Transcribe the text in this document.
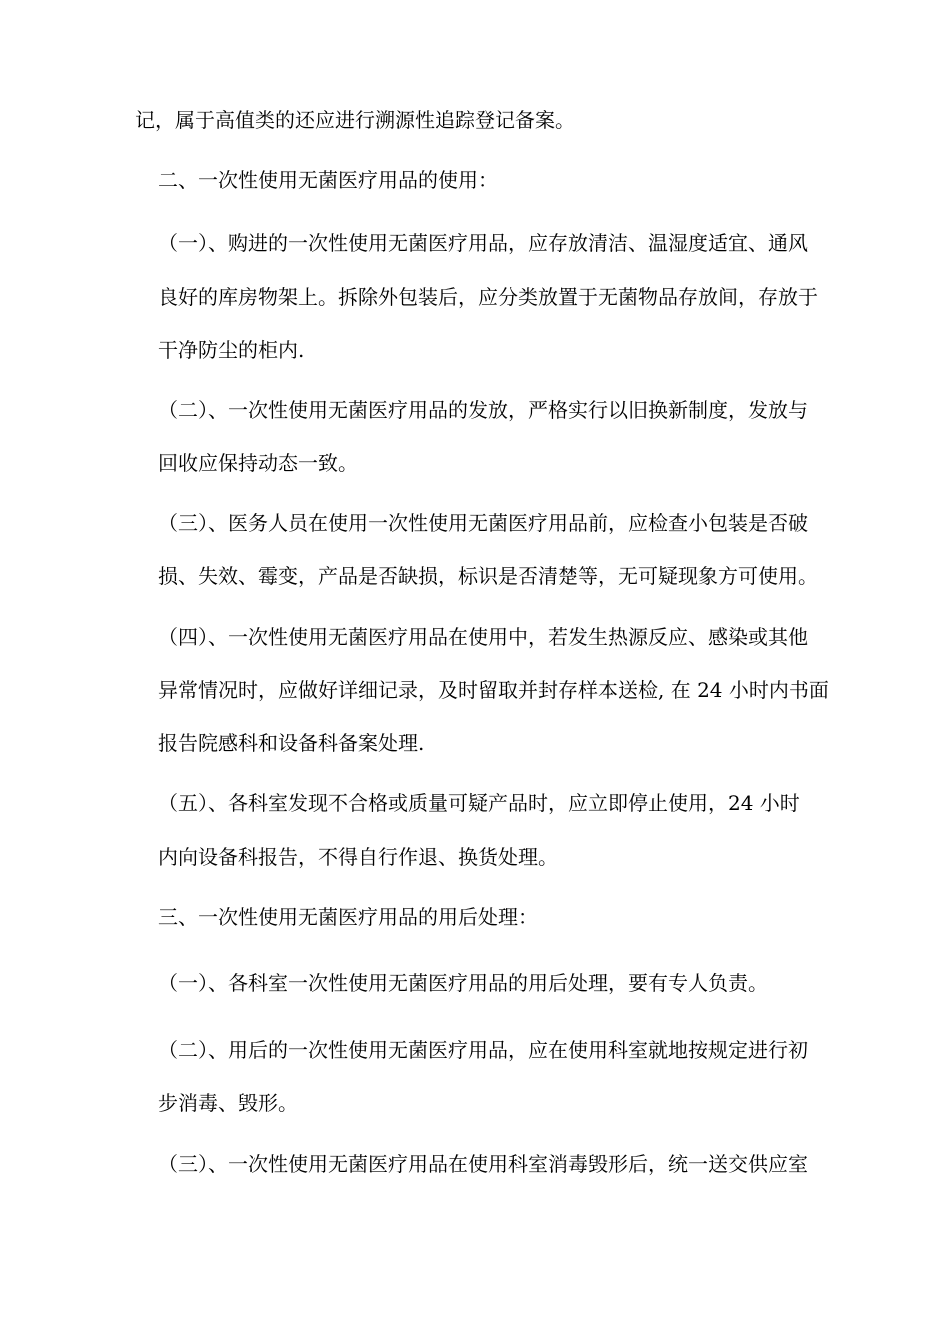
记，属于高值类的还应进行溯源性追踪登记备案。
二、一次性使用无菌医疗用品的使用：
（一）、购进的一次性使用无菌医疗用品，应存放清洁、温湿度适宜、通风
良好的库房物架上。拆除外包装后，应分类放置于无菌物品存放间，存放于
干净防尘的柜内.
（二）、一次性使用无菌医疗用品的发放，严格实行以旧换新制度，发放与
回收应保持动态一致。
（三）、医务人员在使用一次性使用无菌医疗用品前，应检查小包装是否破
损、失效、霉变，产品是否缺损，标识是否清楚等，无可疑现象方可使用。
（四）、一次性使用无菌医疗用品在使用中，若发生热源反应、感染或其他
异常情况时，应做好详细记录，及时留取并封存样本送检, 在 24 小时内书面
报告院感科和设备科备案处理.
（五）、各科室发现不合格或质量可疑产品时，应立即停止使用，24 小时
内向设备科报告，不得自行作退、换货处理。
三、一次性使用无菌医疗用品的用后处理：
（一）、各科室一次性使用无菌医疗用品的用后处理，要有专人负责。
（二）、用后的一次性使用无菌医疗用品，应在使用科室就地按规定进行初
步消毒、毁形。
（三）、一次性使用无菌医疗用品在使用科室消毒毁形后，统一送交供应室
